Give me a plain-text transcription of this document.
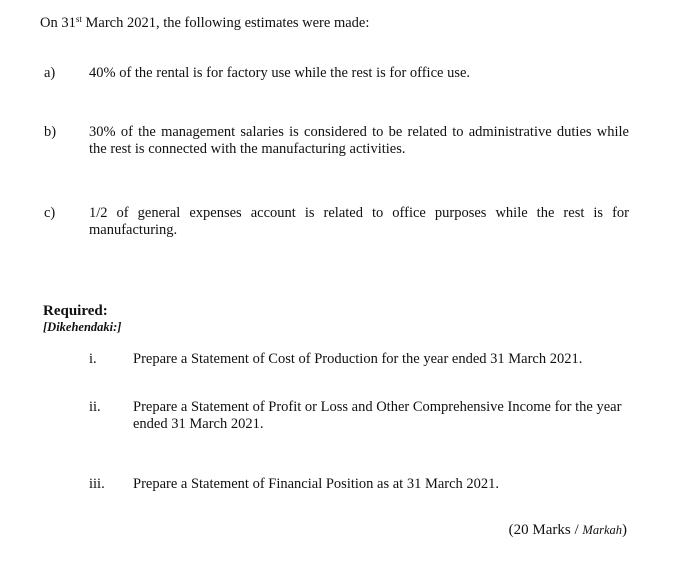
On 31st March 2021, the following estimates were made:
a) 40% of the rental is for factory use while the rest is for office use.
b) 30% of the management salaries is considered to be related to administrative duties while the rest is connected with the manufacturing activities.
c) 1/2 of general expenses account is related to office purposes while the rest is for manufacturing.
Required:
[Dikehendaki:]
i.	Prepare a Statement of Cost of Production for the year ended 31 March 2021.
ii. Prepare a Statement of Profit or Loss and Other Comprehensive Income for the year ended 31 March 2021.
iii. Prepare a Statement of Financial Position as at 31 March 2021.
(20 Marks / Markah)
